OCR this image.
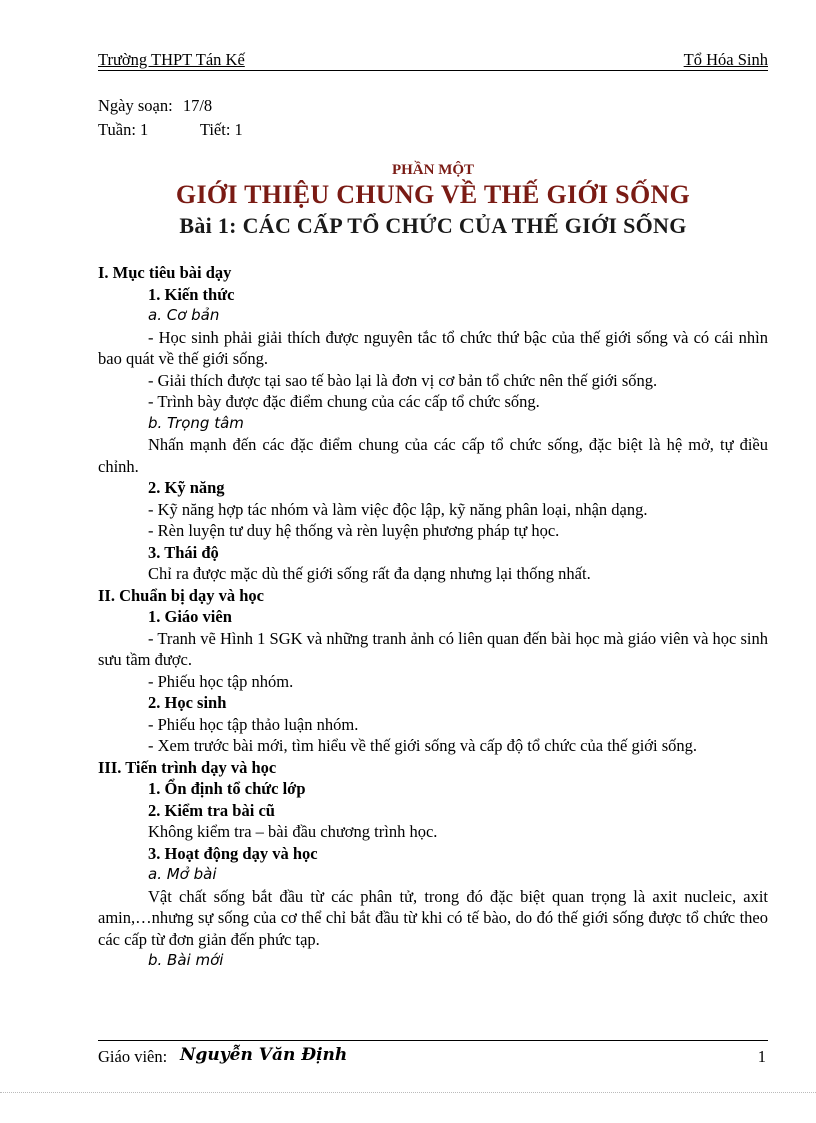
Trường THPT Tán Kế	Tổ Hóa Sinh
Ngày soạn: 17/8
Tuần: 1	Tiết: 1
PHẦN MỘT
GIỚI THIỆU CHUNG VỀ THẾ GIỚI SỐNG
Bài 1: CÁC CẤP TỔ CHỨC CỦA THẾ GIỚI SỐNG

I. Mục tiêu bài dạy

1. Kiến thức

a. Cơ bản

- Học sinh phải giải thích được nguyên tắc tổ chức thứ bậc của thế giới sống và có cái nhìn bao quát về thế giới sống.

- Giải thích được tại sao tế bào lại là đơn vị cơ bản tổ chức nên thế giới sống.

- Trình bày được đặc điểm chung của các cấp tổ chức sống.

b. Trọng tâm

Nhấn mạnh đến các đặc điểm chung của các cấp tổ chức sống, đặc biệt là hệ mở, tự điều chỉnh.

2. Kỹ năng

- Kỹ năng hợp tác nhóm và làm việc độc lập, kỹ năng phân loại, nhận dạng.

- Rèn luyện tư duy hệ thống và rèn luyện phương pháp tự học.

3. Thái độ

Chỉ ra được mặc dù thế giới sống rất đa dạng nhưng lại thống nhất.

II. Chuẩn bị dạy và học

1. Giáo viên

- Tranh vẽ Hình 1 SGK và những tranh ảnh có liên quan đến bài học mà giáo viên và học sinh sưu tầm được.

- Phiếu học tập nhóm.

2. Học sinh

- Phiếu học tập thảo luận nhóm.

- Xem trước bài mới, tìm hiểu về thế giới sống và cấp độ tổ chức của thế giới sống.

III. Tiến trình dạy và học

1. Ổn định tổ chức lớp

2. Kiểm tra bài cũ

Không kiểm tra – bài đầu chương trình học.

3. Hoạt động dạy và học

a. Mở bài

Vật chất sống bắt đầu từ các phân tử, trong đó đặc biệt quan trọng là axit nucleic, axit amin,…nhưng sự sống của cơ thể chỉ bắt đầu từ khi có tế bào, do đó thế giới sống được tổ chức theo các cấp từ đơn giản đến phức tạp.

b. Bài mới

Giáo viên: Nguyễn Văn Định	1
